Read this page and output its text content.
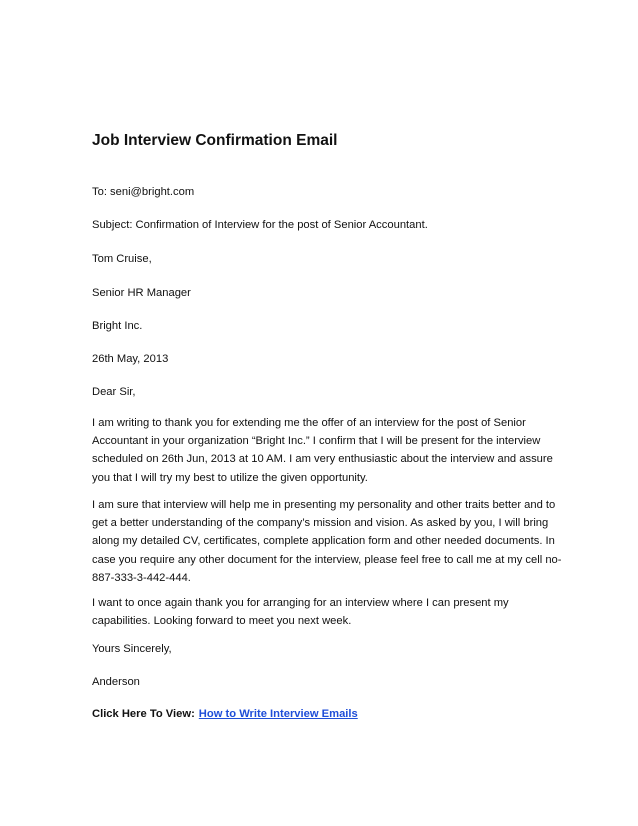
Job Interview Confirmation Email

To: seni@bright.com

Subject: Confirmation of Interview for the post of Senior Accountant.

Tom Cruise,

Senior HR Manager

Bright Inc.

26th May, 2013

Dear Sir,

I am writing to thank you for extending me the offer of an interview for the post of Senior Accountant in your organization “Bright Inc.” I confirm that I will be present for the interview scheduled on 26th Jun, 2013 at 10 AM. I am very enthusiastic about the interview and assure you that I will try my best to utilize the given opportunity.

I am sure that interview will help me in presenting my personality and other traits better and to get a better understanding of the company’s mission and vision. As asked by you, I will bring along my detailed CV, certificates, complete application form and other needed documents. In case you require any other document for the interview, please feel free to call me at my cell no- 887-333-3-442-444.

I want to once again thank you for arranging for an interview where I can present my capabilities. Looking forward to meet you next week.

Yours Sincerely,

Anderson

Click Here To View: How to Write Interview Emails
